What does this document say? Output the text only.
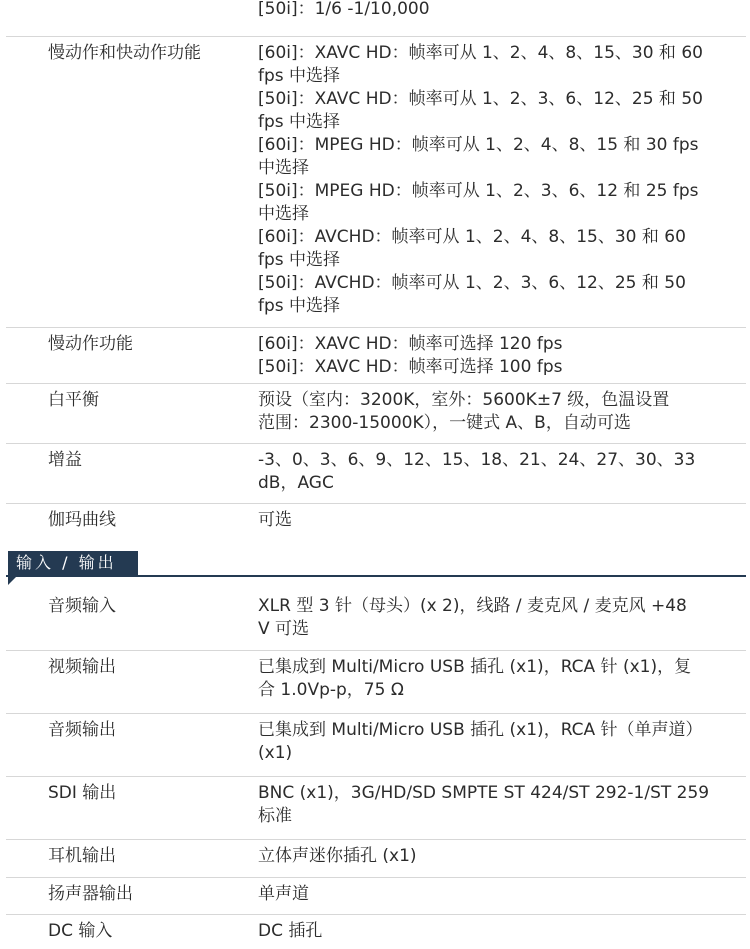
[50i]：1/6 -1/10,000
慢动作和快动作功能	[60i]：XAVC HD：帧率可从 1、2、4、8、15、30 和 60
fps 中选择
[50i]：XAVC HD：帧率可从 1、2、3、6、12、25 和 50
fps 中选择
[60i]：MPEG HD：帧率可从 1、2、4、8、15 和 30 fps
中选择
[50i]：MPEG HD：帧率可从 1、2、3、6、12 和 25 fps
中选择
[60i]：AVCHD：帧率可从 1、2、4、8、15、30 和 60
fps 中选择
[50i]：AVCHD：帧率可从 1、2、3、6、12、25 和 50
fps 中选择
慢动作功能	[60i]：XAVC HD：帧率可选择 120 fps
[50i]：XAVC HD：帧率可选择 100 fps
白平衡	预设（室内：3200K，室外：5600K±7 级，色温设置
范围：2300-15000K），一键式 A、B，自动可选
增益	-3、0、3、6、9、12、15、18、21、24、27、30、33
dB，AGC
伽玛曲线	可选
输入 / 输出
音频输入	XLR 型 3 针（母头）(x 2)，线路 / 麦克风 / 麦克风 +48
V 可选
视频输出	已集成到 Multi/Micro USB 插孔 (x1)，RCA 针 (x1)，复
合 1.0Vp-p，75 Ω
音频输出	已集成到 Multi/Micro USB 插孔 (x1)，RCA 针（单声道）
(x1)
SDI 输出	BNC (x1)，3G/HD/SD SMPTE ST 424/ST 292-1/ST 259
标准
耳机输出	立体声迷你插孔 (x1)
扬声器输出	单声道
DC 输入	DC 插孔
